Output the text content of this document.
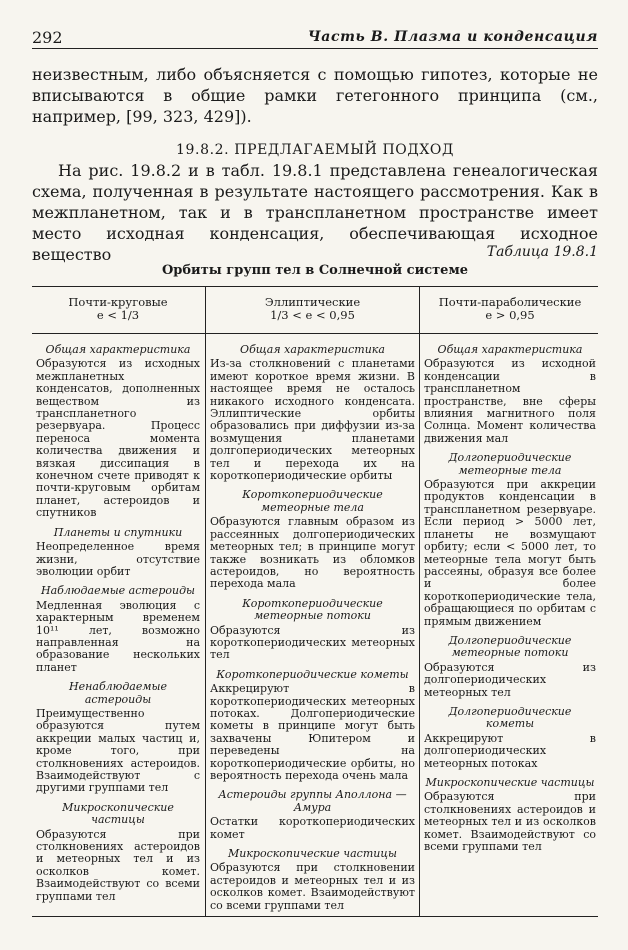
292	Часть В. Плазма и конденсация

неизвестным, либо объясняется с помощью гипотез, которые не вписываются в общие рамки гетегонного принципа (см., например, [99, 323, 429]).

19.8.2. ПРЕДЛАГАЕМЫЙ ПОДХОД

На рис. 19.8.2 и в табл. 19.8.1 представлена генеалогическая схема, полученная в результате настоящего рассмотрения. Как в межпланетном, так и в транспланетном пространстве имеет место исходная конденсация, обеспечивающая исходное вещество	Таблица 19.8.1
Орбиты групп тел в Солнечной системе
Почти-круговые
e < 1/3
Эллиптические
1/3 < e < 0,95
Почти-параболические
e > 0,95

Общая характеристика

Образуются из исходных межпланетных конденсатов, дополненных веществом из транспланетного резервуара. Процесс переноса момента количества движения и вязкая диссипация в конечном счете приводят к почти-круговым орбитам планет, астероидов и спутников

Планеты и спутники

Неопределенное время жизни, отсутствие эволюции орбит

Наблюдаемые астероиды

Медленная эволюция с характерным временем 10¹¹ лет, возможно направленная на образование нескольких планет

Ненаблюдаемые астероиды

Преимущественно образуются путем аккреции малых частиц и, кроме того, при столкновениях астероидов. Взаимодействуют с другими группами тел

Микроскопические частицы

Образуются при столкновениях астероидов и метеорных тел и из осколков комет. Взаимодействуют со всеми группами тел

Общая характеристика

Из-за столкновений с планетами имеют короткое время жизни. В настоящее время не осталось никакого исходного конденсата. Эллиптические орбиты образовались при диффузии из-за возмущения планетами долгопериодических метеорных тел и перехода их на короткопериодические орбиты

Короткопериодические метеорные тела

Образуются главным образом из рассеянных долгопериодических метеорных тел; в принципе могут также возникать из обломков астероидов, но вероятность перехода мала

Короткопериодические метеорные потоки

Образуются из короткопериодических метеорных тел

Короткопериодические кометы

Аккрецируют в короткопериодических метеорных потоках. Долгопериодические кометы в принципе могут быть захвачены Юпитером и переведены на короткопериодические орбиты, но вероятность перехода очень мала

Астероиды группы Аполлона — Амура

Остатки короткопериодических комет

Микроскопические частицы

Образуются при столкновении астероидов и метеорных тел и из осколков комет. Взаимодействуют со всеми группами тел

Общая характеристика

Образуются из исходной конденсации в транспланетном пространстве, вне сферы влияния магнитного поля Солнца. Момент количества движения мал

Долгопериодические метеорные тела

Образуются при аккреции продуктов конденсации в транспланетном резервуаре. Если период > 5000 лет, планеты не возмущают орбиту; если < 5000 лет, то метеорные тела могут быть рассеяны, образуя все более и более короткопериодические тела, обращающиеся по орбитам с прямым движением

Долгопериодические метеорные потоки

Образуются из долгопериодических метеорных тел

Долгопериодические кометы

Аккрецируют в долгопериодических метеорных потоках

Микроскопические частицы

Образуются при столкновениях астероидов и метеорных тел и из осколков комет. Взаимодействуют со всеми группами тел
